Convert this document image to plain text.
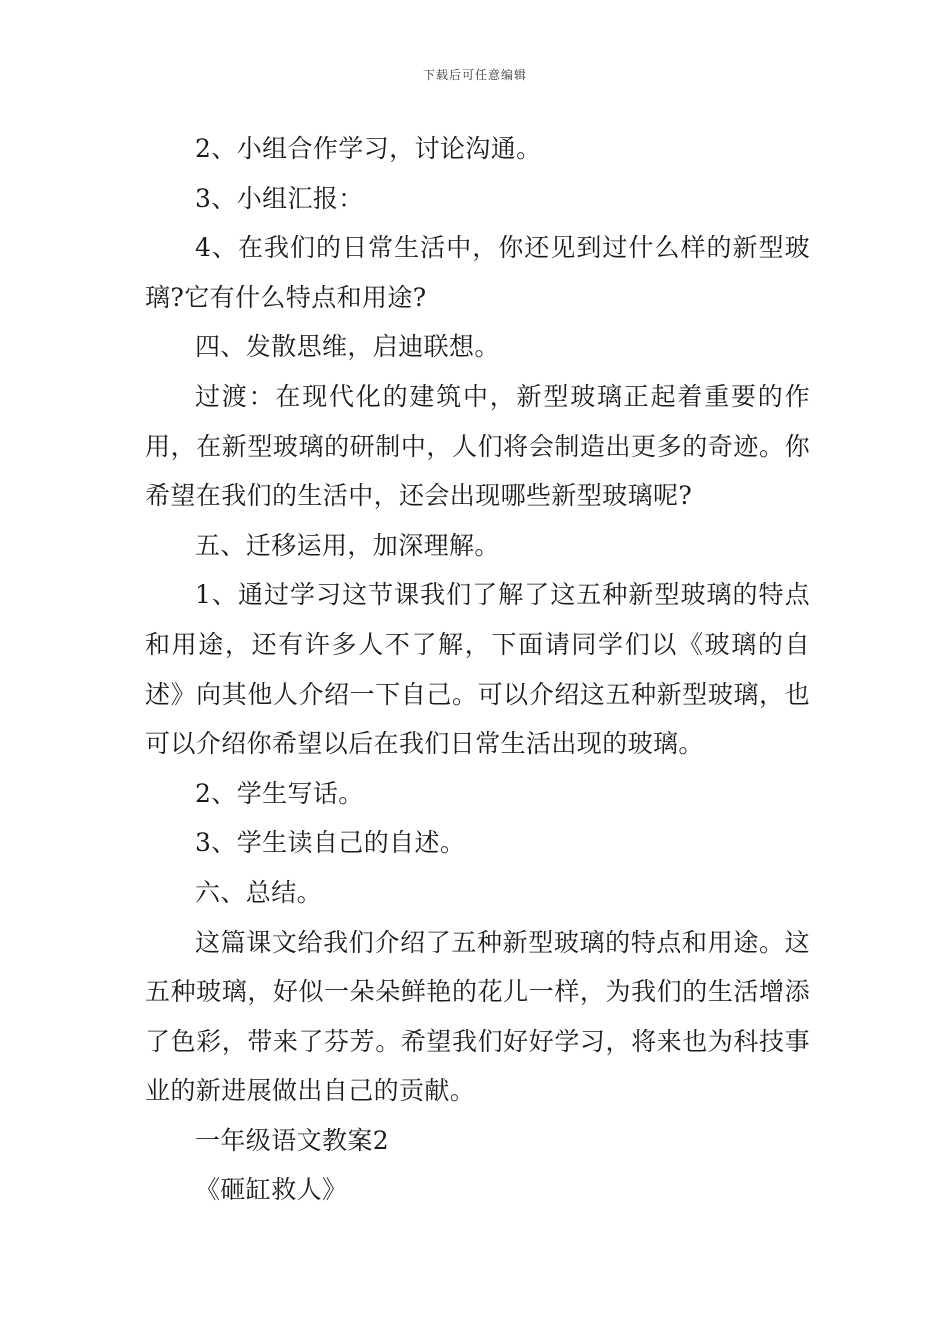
下载后可任意编辑

2、小组合作学习，讨论沟通。

3、小组汇报：

4、在我们的日常生活中，你还见到过什么样的新型玻璃?它有什么特点和用途?

四、发散思维，启迪联想。

过渡：在现代化的建筑中，新型玻璃正起着重要的作用，在新型玻璃的研制中，人们将会制造出更多的奇迹。你希望在我们的生活中，还会出现哪些新型玻璃呢?

五、迁移运用，加深理解。

1、通过学习这节课我们了解了这五种新型玻璃的特点和用途，还有许多人不了解，下面请同学们以《玻璃的自述》向其他人介绍一下自己。可以介绍这五种新型玻璃，也可以介绍你希望以后在我们日常生活出现的玻璃。

2、学生写话。

3、学生读自己的自述。

六、总结。

这篇课文给我们介绍了五种新型玻璃的特点和用途。这五种玻璃，好似一朵朵鲜艳的花儿一样，为我们的生活增添了色彩，带来了芬芳。希望我们好好学习，将来也为科技事业的新进展做出自己的贡献。

一年级语文教案2

《砸缸救人》
